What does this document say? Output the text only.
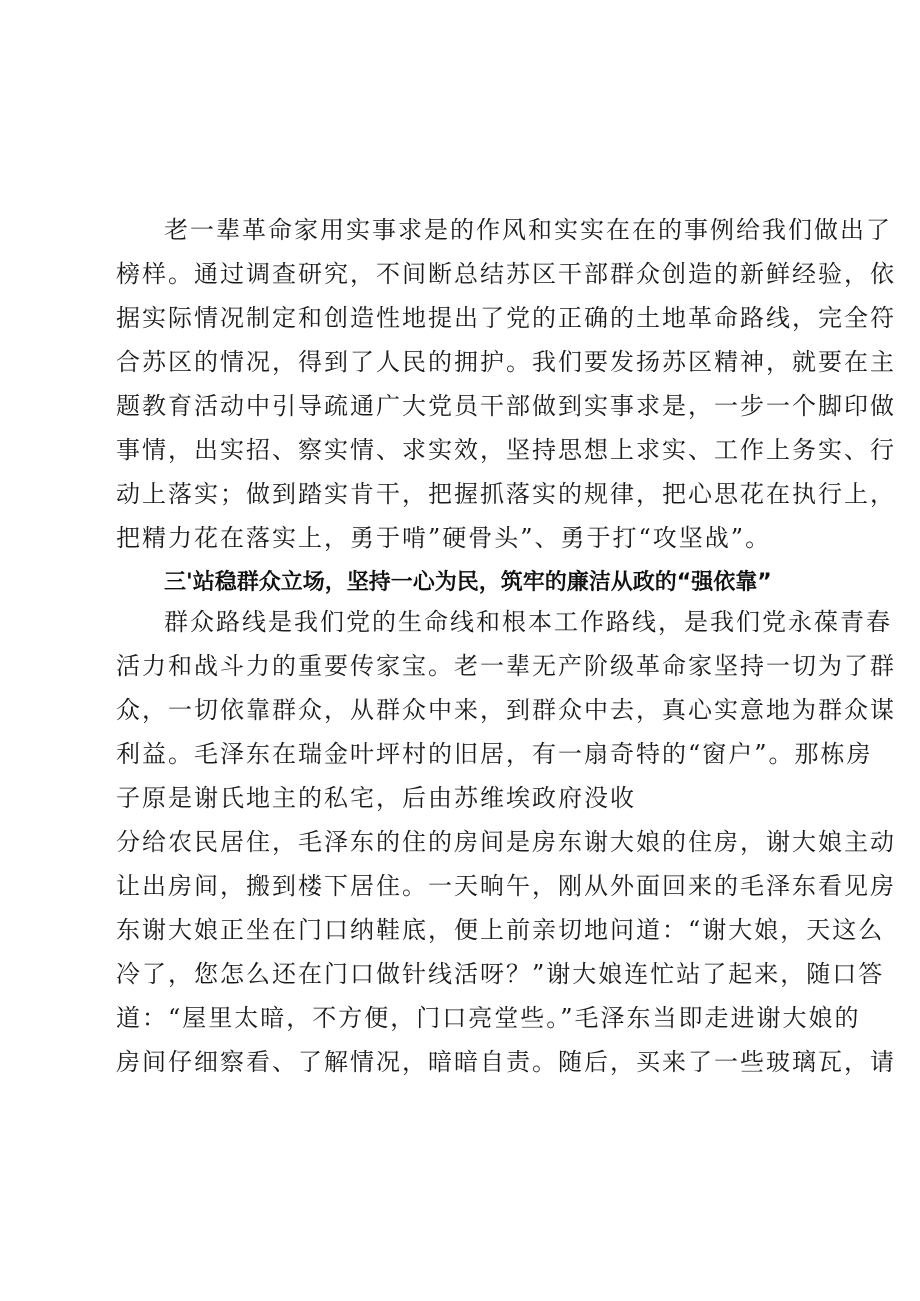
老一辈革命家用实事求是的作风和实实在在的事例给我们做出了
榜样。通过调查研究，不间断总结苏区干部群众创造的新鲜经验，依
据实际情况制定和创造性地提出了党的正确的土地革命路线，完全符
合苏区的情况，得到了人民的拥护。我们要发扬苏区精神，就要在主
题教育活动中引导疏通广大党员干部做到实事求是，一步一个脚印做
事情，出实招、察实情、求实效，坚持思想上求实、工作上务实、行
动上落实；做到踏实肯干，把握抓落实的规律，把心思花在执行上，
把精力花在落实上，勇于啃”硬骨头”、勇于打“攻坚战”。
三'站稳群众立场，坚持一心为民，筑牢的廉洁从政的“强依靠”
群众路线是我们党的生命线和根本工作路线，是我们党永葆青春
活力和战斗力的重要传家宝。老一辈无产阶级革命家坚持一切为了群
众，一切依靠群众，从群众中来，到群众中去，真心实意地为群众谋
利益。毛泽东在瑞金叶坪村的旧居，有一扇奇特的“窗户”。那栋房
子原是谢氏地主的私宅，后由苏维埃政府没收
分给农民居住，毛泽东的住的房间是房东谢大娘的住房，谢大娘主动
让出房间，搬到楼下居住。一天晌午，刚从外面回来的毛泽东看见房
东谢大娘正坐在门口纳鞋底，便上前亲切地问道：“谢大娘，天这么
冷了，您怎么还在门口做针线活呀？”谢大娘连忙站了起来，随口答
道：“屋里太暗，不方便，门口亮堂些。”毛泽东当即走进谢大娘的
房间仔细察看、了解情况，暗暗自责。随后，买来了一些玻璃瓦，请
